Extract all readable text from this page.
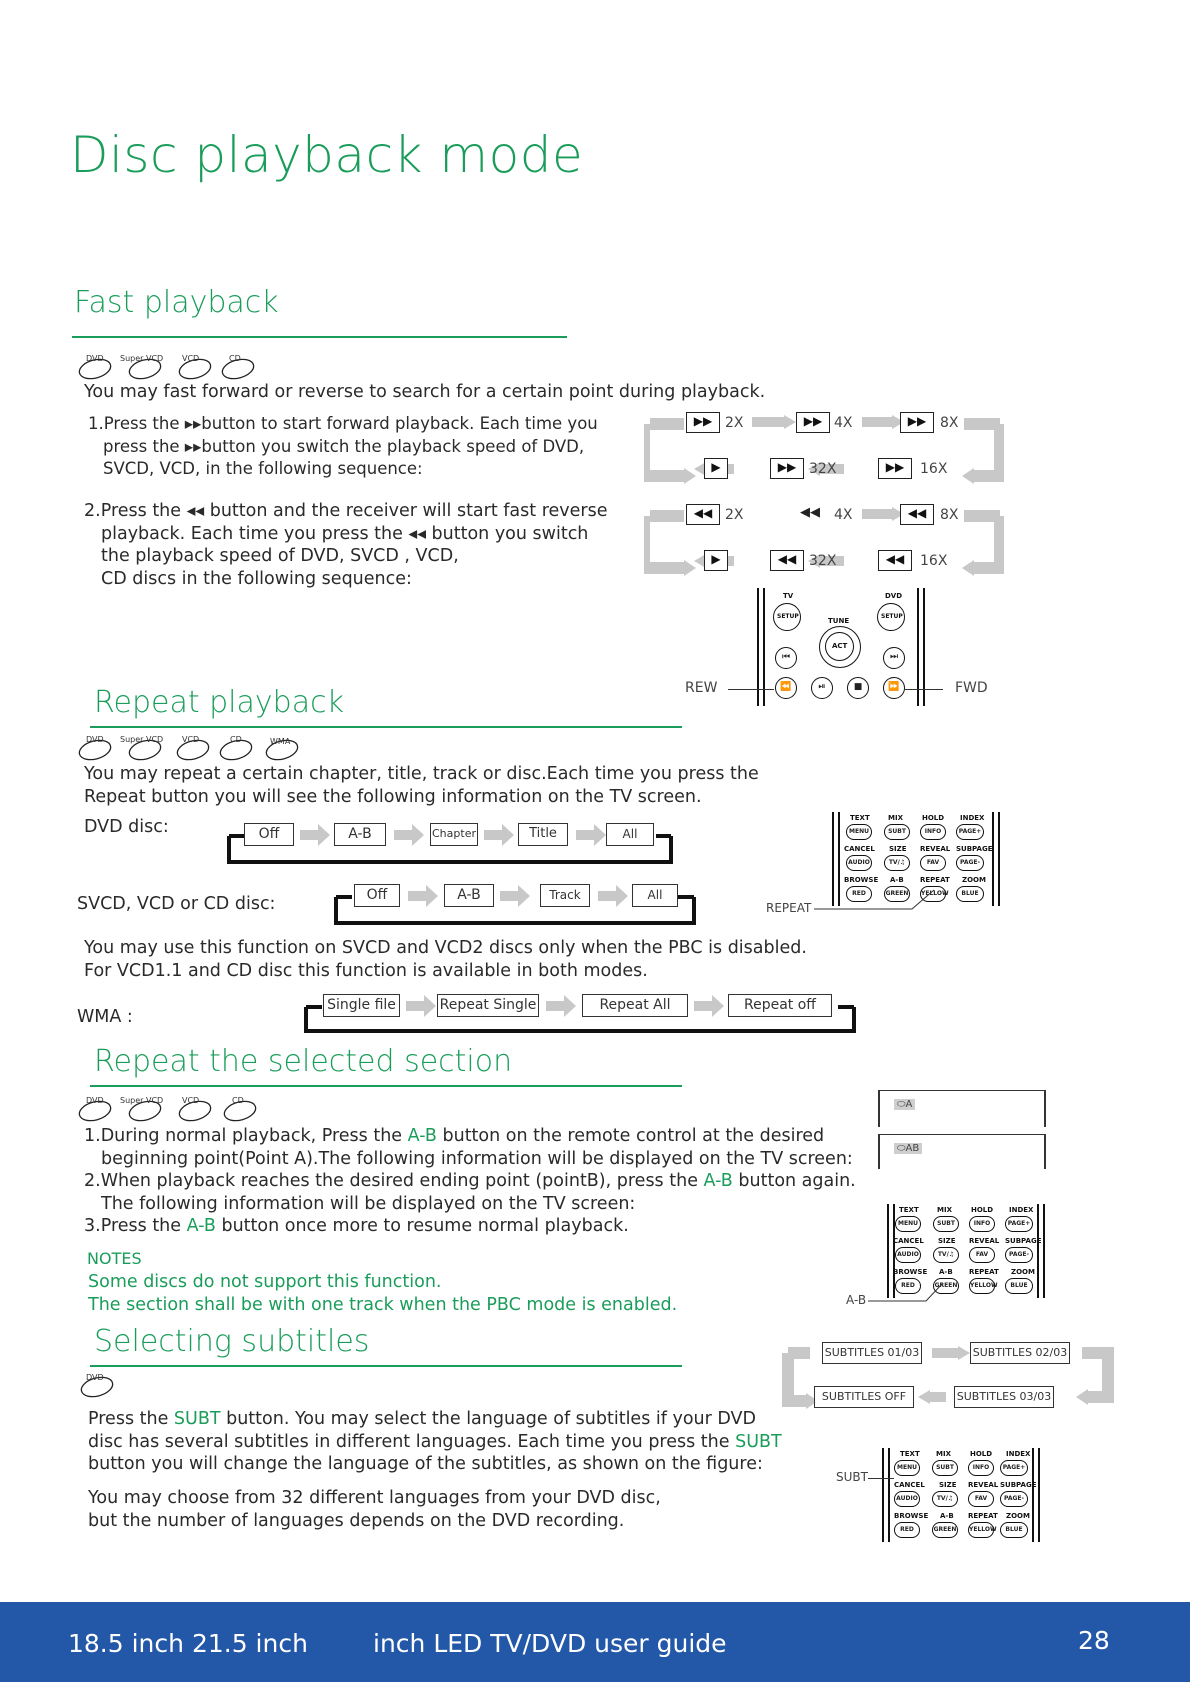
Disc playback mode
Fast playback
DVD Super VCD VCD	CD
You may fast forward or reverse to search for a certain point during playback.
1.Press the ▸▸button to start forward playback. Each time you
press the ▸▸button you switch the playback speed of DVD,
SVCD, VCD, in the following sequence:
2.Press the ◂◂ button and the receiver will start fast reverse
playback. Each time you press the ◂◂ button you switch
the playback speed of DVD, SVCD , VCD,
CD discs in the following sequence:
▶▶ 2X	▶▶ 4X	▶▶ 8X
▶	▶▶ 32X	▶▶	16X
◀◀ 2X	◀◀ 4X	◀◀ 8X
▶	◀◀ 32X	◀◀	16X
TV	DVD
TUNE
SETUP	SETUP
ACT
⏮	⏭
⏪	⏯	■	⏩
REW	FWD
Repeat playback
DVD Super VCD VCD	CD	WMA
You may repeat a certain chapter, title, track or disc.Each time you press the
Repeat button you will see the following information on the TV screen.
DVD disc:	Off	A-B	Chapter	Title	All
SVCD, VCD or CD disc:	Off	A-B	Track	All
TEXT	MIX	HOLD INDEX
MENU	SUBT	INFO	PAGE+
CANCEL SIZE REVEAL SUBPAGE
AUDIO	TV/♫	FAV	PAGE-
BROWSE A-B REPEAT ZOOM
RED	GREEN YELLOW	BLUE
REPEAT
You may use this function on SVCD and VCD2 discs only when the PBC is disabled.
For VCD1.1 and CD disc this function is available in both modes.
WMA :
Single file	Repeat Single	Repeat All	Repeat off
Repeat the selected section
DVD Super VCD VCD	CD
1.During normal playback, Press the A-B button on the remote control at the desired
beginning point(Point A).The following information will be displayed on the TV screen:
2.When playback reaches the desired ending point (pointB), press the A-B button again.
The following information will be displayed on the TV screen:
3.Press the A-B button once more to resume normal playback.
NOTES
Some discs do not support this function.
The section shall be with one track when the PBC mode is enabled.
⬭A
⬭AB
TEXT	MIX	HOLD INDEX
MENU	SUBT	INFO	PAGE+
CANCEL SIZE REVEAL SUBPAGE
AUDIO	TV/♫	FAV	PAGE-
BROWSE A-B REPEAT ZOOM
RED	GREEN YELLOW	BLUE
A-B
Selecting subtitles
DVD
Press the SUBT button. You may select the language of subtitles if your DVD
disc has several subtitles in different languages. Each time you press the SUBT
button you will change the language of the subtitles, as shown on the figure:
You may choose from 32 different languages from your DVD disc,
but the number of languages depends on the DVD recording.
SUBTITLES 01/03	SUBTITLES 02/03
SUBTITLES 03/03
SUBTITLES OFF
TEXT MIX	HOLD INDEX
MENU	SUBT	INFO	PAGE+
CANCEL SIZE REVEAL SUBPAGE
AUDIO	TV/♫	FAV	PAGE-
BROWSE A-B REPEAT ZOOM
RED	GREEN YELLOW	BLUE
SUBT
18.5 inch 21.5 inch	inch LED TV/DVD user guide	28
